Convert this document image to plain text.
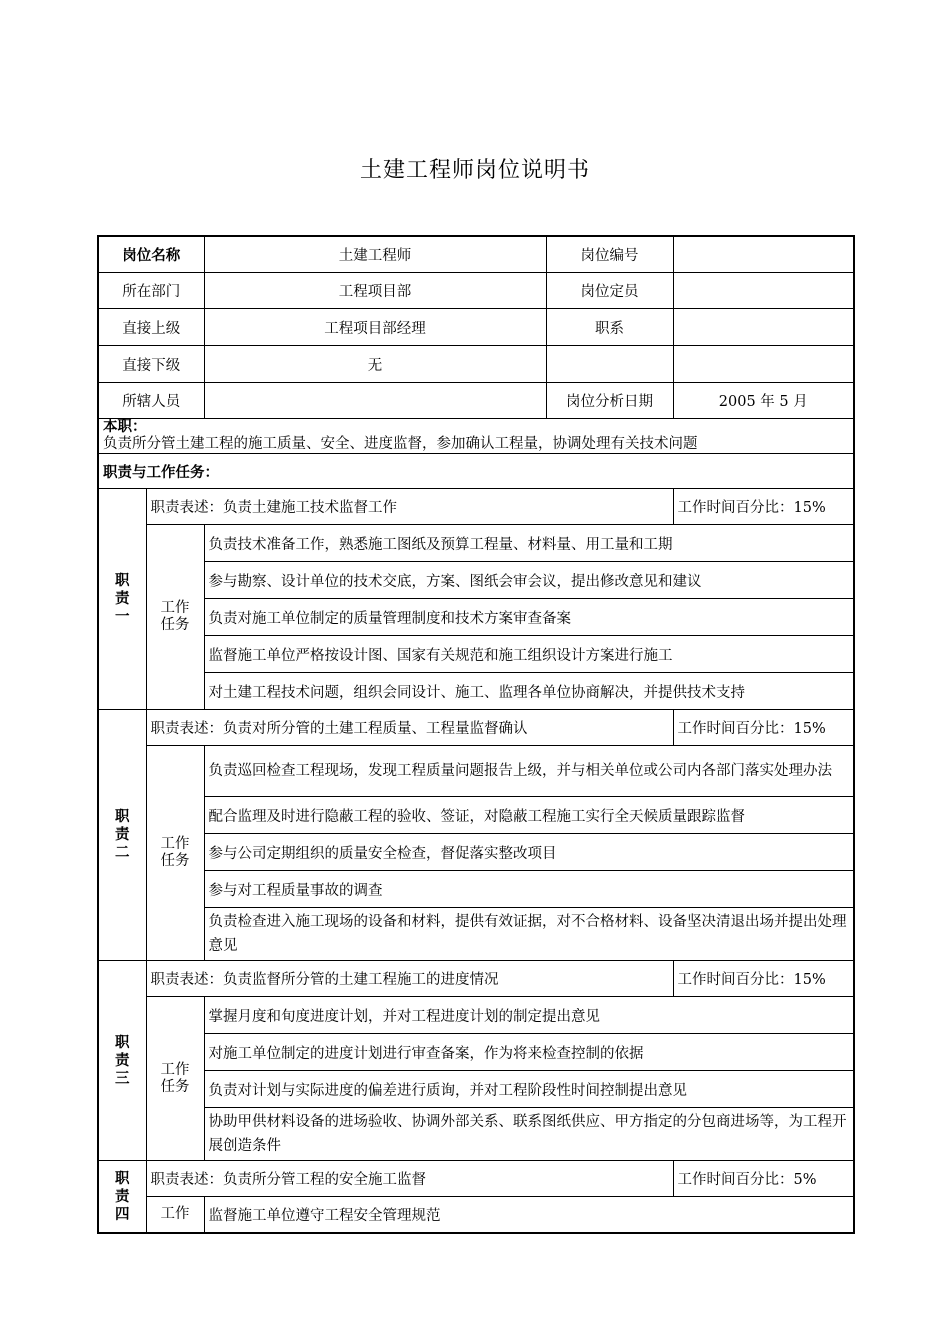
土建工程师岗位说明书
岗位名称		土建工程师	岗位编号	
所在部门		工程项目部	岗位定员	
直接上级		工程项目部经理	职系	
直接下级		无		
所辖人员			岗位分析日期	2005 年 5 月

本职：
负责所分管土建工程的施工质量、安全、进度监督，参加确认工程量，协调处理有关技术问题				

职责与工作任务：				

职
责
一	职责表述：负责土建施工技术监督工作			工作时间百分比：15%

	工作
任务	负责技术准备工作，熟悉施工图纸及预算工程量、材料量、用工量和工期		
		参与勘察、设计单位的技术交底，方案、图纸会审会议，提出修改意见和建议		
		负责对施工单位制定的质量管理制度和技术方案审查备案		
		监督施工单位严格按设计图、国家有关规范和施工组织设计方案进行施工		
		对土建工程技术问题，组织会同设计、施工、监理各单位协商解决，并提供技术支持		

职
责
二	职责表述：负责对所分管的土建工程质量、工程量监督确认			工作时间百分比：15%

	工作
任务	负责巡回检查工程现场，发现工程质量问题报告上级，并与相关单位或公司内各部门落实处理办法		
		配合监理及时进行隐蔽工程的验收、签证，对隐蔽工程施工实行全天候质量跟踪监督		
		参与公司定期组织的质量安全检查，督促落实整改项目		
		参与对工程质量事故的调查		
		负责检查进入施工现场的设备和材料，提供有效证据，对不合格材料、设备坚决清退出场并提出处理意见		

职
责
三	职责表述：负责监督所分管的土建工程施工的进度情况			工作时间百分比：15%

	工作
任务	掌握月度和旬度进度计划，并对工程进度计划的制定提出意见		
		对施工单位制定的进度计划进行审查备案，作为将来检查控制的依据		
		负责对计划与实际进度的偏差进行质询，并对工程阶段性时间控制提出意见		
		协助甲供材料设备的进场验收、协调外部关系、联系图纸供应、甲方指定的分包商进场等，为工程开展创造条件		

职
责
四	职责表述：负责所分管工程的安全施工监督			工作时间百分比：5%

	工作	监督施工单位遵守工程安全管理规范		
